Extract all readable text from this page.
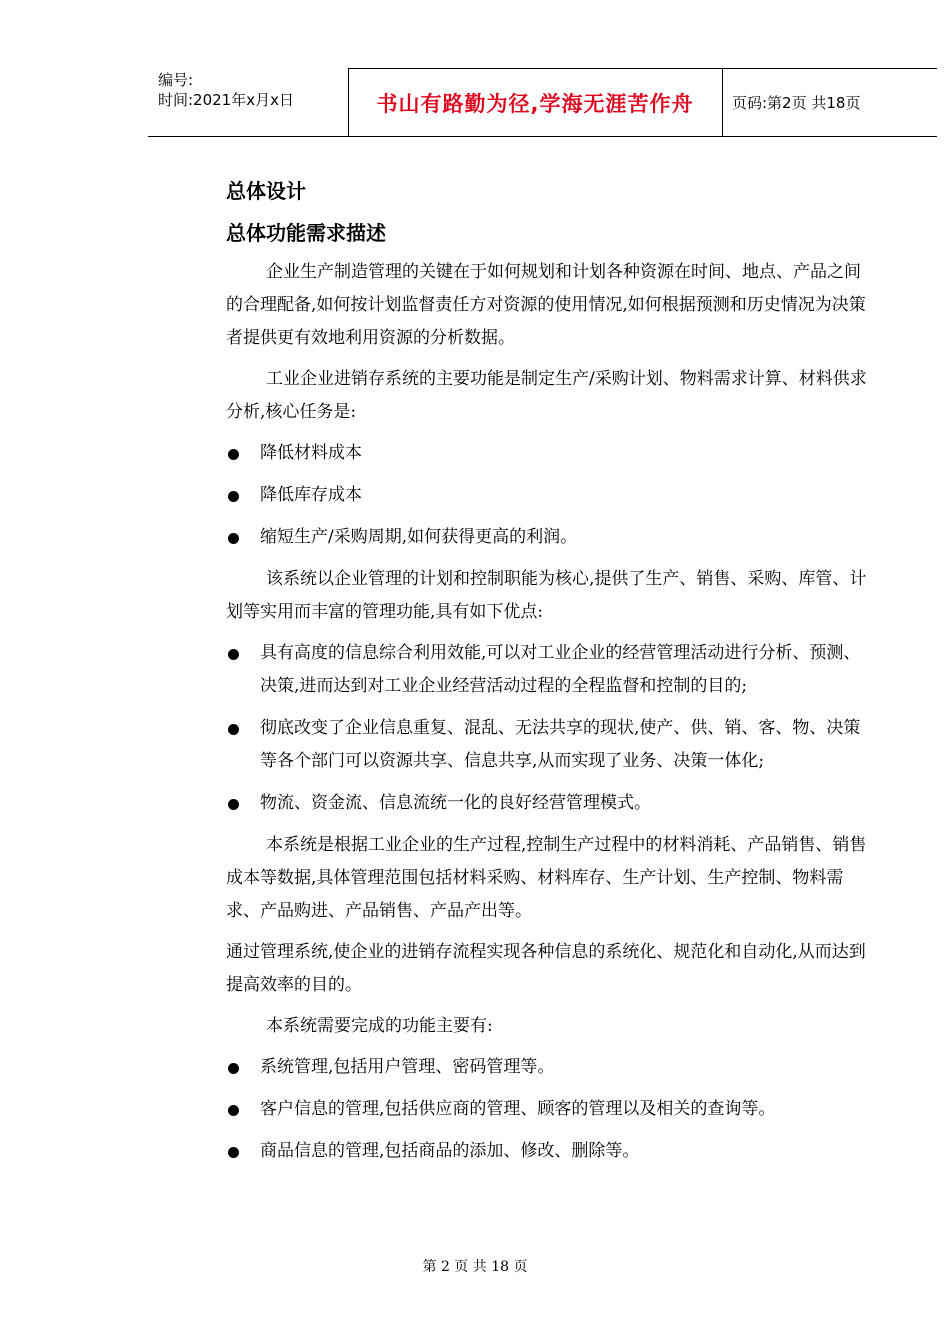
编号:
时间:2021年x月x日	书山有路勤为径,学海无涯苦作舟	页码:第2页 共18页
总体设计
总体功能需求描述

企业生产制造管理的关键在于如何规划和计划各种资源在时间、地点、产品之间的合理配备,如何按计划监督责任方对资源的使用情况,如何根据预测和历史情况为决策者提供更有效地利用资源的分析数据。

工业企业进销存系统的主要功能是制定生产/采购计划、物料需求计算、材料供求分析,核心任务是:

降低材料成本
降低库存成本
缩短生产/采购周期,如何获得更高的利润。

该系统以企业管理的计划和控制职能为核心,提供了生产、销售、采购、库管、计划等实用而丰富的管理功能,具有如下优点:

具有高度的信息综合利用效能,可以对工业企业的经营管理活动进行分析、预测、决策,进而达到对工业企业经营活动过程的全程监督和控制的目的;
彻底改变了企业信息重复、混乱、无法共享的现状,使产、供、销、客、物、决策等各个部门可以资源共享、信息共享,从而实现了业务、决策一体化;
物流、资金流、信息流统一化的良好经营管理模式。

本系统是根据工业企业的生产过程,控制生产过程中的材料消耗、产品销售、销售成本等数据,具体管理范围包括材料采购、材料库存、生产计划、生产控制、物料需求、产品购进、产品销售、产品产出等。

通过管理系统,使企业的进销存流程实现各种信息的系统化、规范化和自动化,从而达到提高效率的目的。

本系统需要完成的功能主要有:

系统管理,包括用户管理、密码管理等。
客户信息的管理,包括供应商的管理、顾客的管理以及相关的查询等。
商品信息的管理,包括商品的添加、修改、删除等。
第 2 页 共 18 页
